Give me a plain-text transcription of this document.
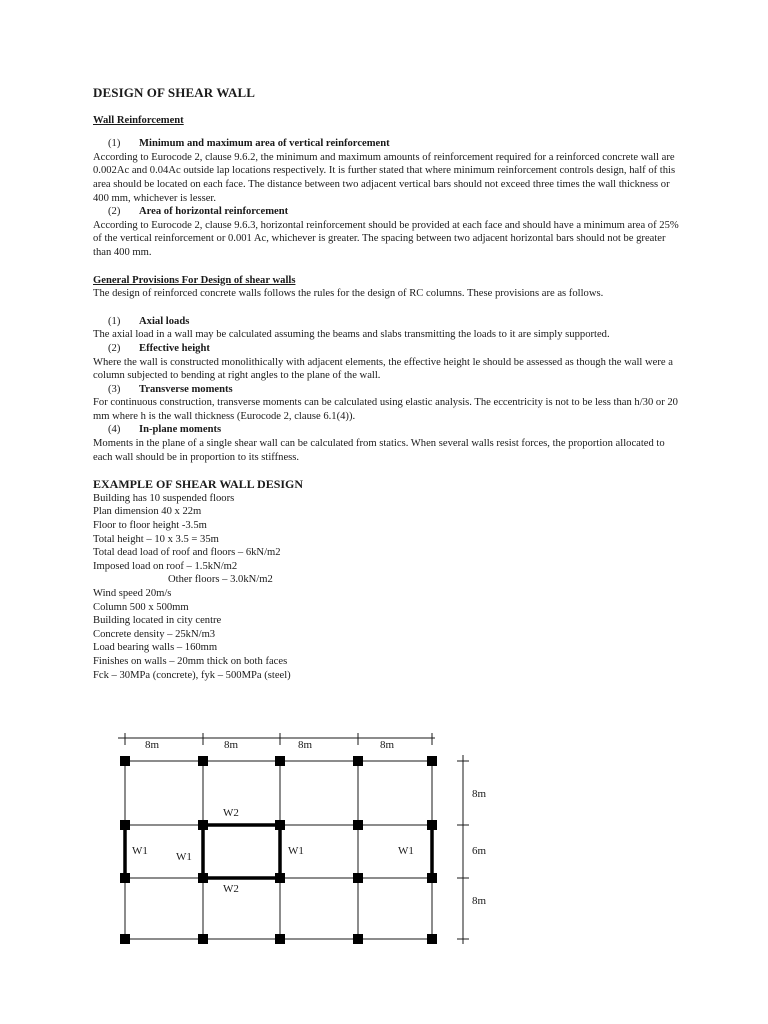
DESIGN OF SHEAR WALL
Wall Reinforcement
(1) Minimum and maximum area of vertical reinforcement

According to Eurocode 2, clause 9.6.2, the minimum and maximum amounts of reinforcement required for a reinforced concrete wall are 0.002Ac and 0.04Ac outside lap locations respectively. It is further stated that where minimum reinforcement controls design, half of this area should be located on each face. The distance between two adjacent vertical bars should not exceed three times the wall thickness or 400 mm, whichever is lesser.

(2) Area of horizontal reinforcement

According to Eurocode 2, clause 9.6.3, horizontal reinforcement should be provided at each face and should have a minimum area of 25% of the vertical reinforcement or 0.001 Ac, whichever is greater. The spacing between two adjacent horizontal bars should not be greater than 400 mm.

General Provisions For Design of shear walls

The design of reinforced concrete walls follows the rules for the design of RC columns. These provisions are as follows.

(1) Axial loads

The axial load in a wall may be calculated assuming the beams and slabs transmitting the loads to it are simply supported.

(2) Effective height

Where the wall is constructed monolithically with adjacent elements, the effective height le should be assessed as though the wall were a column subjected to bending at right angles to the plane of the wall.

(3) Transverse moments

For continuous construction, transverse moments can be calculated using elastic analysis. The eccentricity is not to be less than h/30 or 20 mm where h is the wall thickness (Eurocode 2, clause 6.1(4)).

(4) In-plane moments

Moments in the plane of a single shear wall can be calculated from statics. When several walls resist forces, the proportion allocated to each wall should be in proportion to its stiffness.

EXAMPLE OF SHEAR WALL DESIGN
Building has 10 suspended floors
Plan dimension 40 x 22m
Floor to floor height -3.5m
Total height – 10 x 3.5 = 35m
Total dead load of roof and floors – 6kN/m2
Imposed load on roof – 1.5kN/m2
Other floors – 3.0kN/m2
Wind speed 20m/s
Column 500 x 500mm
Building located in city centre
Concrete density – 25kN/m3
Load bearing walls – 160mm
Finishes on walls – 20mm thick on both faces
Fck – 30MPa (concrete), fyk – 500MPa (steel)
8m	8m	8m	8m
W2
W2
W1	W1	W1	W1
8m
6m
8m
